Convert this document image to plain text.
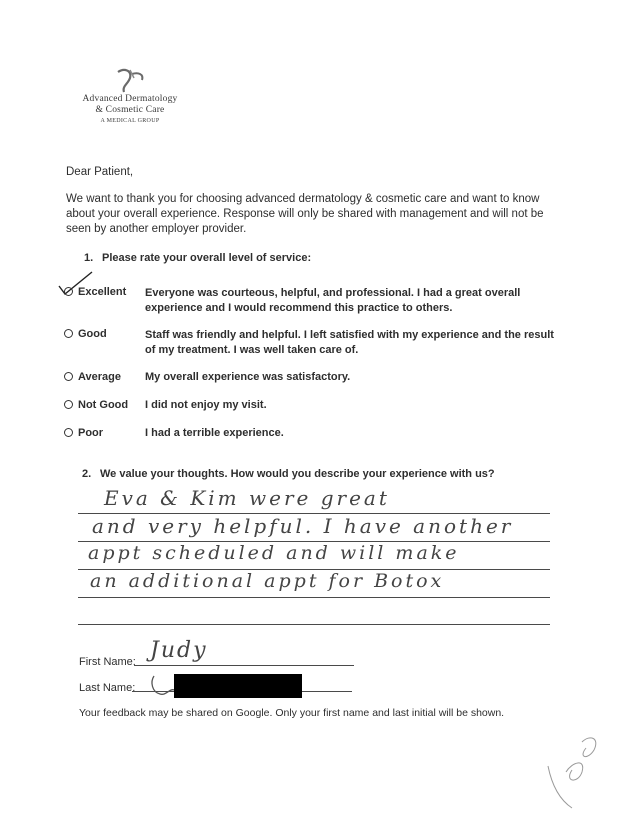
Advanced Dermatology
& Cosmetic Care
A MEDICAL GROUP
Dear Patient,
We want to thank you for choosing advanced dermatology & cosmetic care and want to know about your overall experience. Response will only be shared with management and will not be seen by another employer provider.
1. Please rate your overall level of service:
Excellent Everyone was courteous, helpful, and professional. I had a great overall experience and I would recommend this practice to others.
Good	Staff was friendly and helpful. I left satisfied with my experience and the result of my treatment. I was well taken care of.
Average My overall experience was satisfactory.
Not Good I did not enjoy my visit.
Poor	I had a terrible experience.
2. We value your thoughts. How would you describe your experience with us?
Eva & Kim were great
and very helpful. I have another
appt scheduled and will make
an additional appt for Botox
First Name: Judy
Last Name:
Your feedback may be shared on Google. Only your first name and last initial will be shown.
